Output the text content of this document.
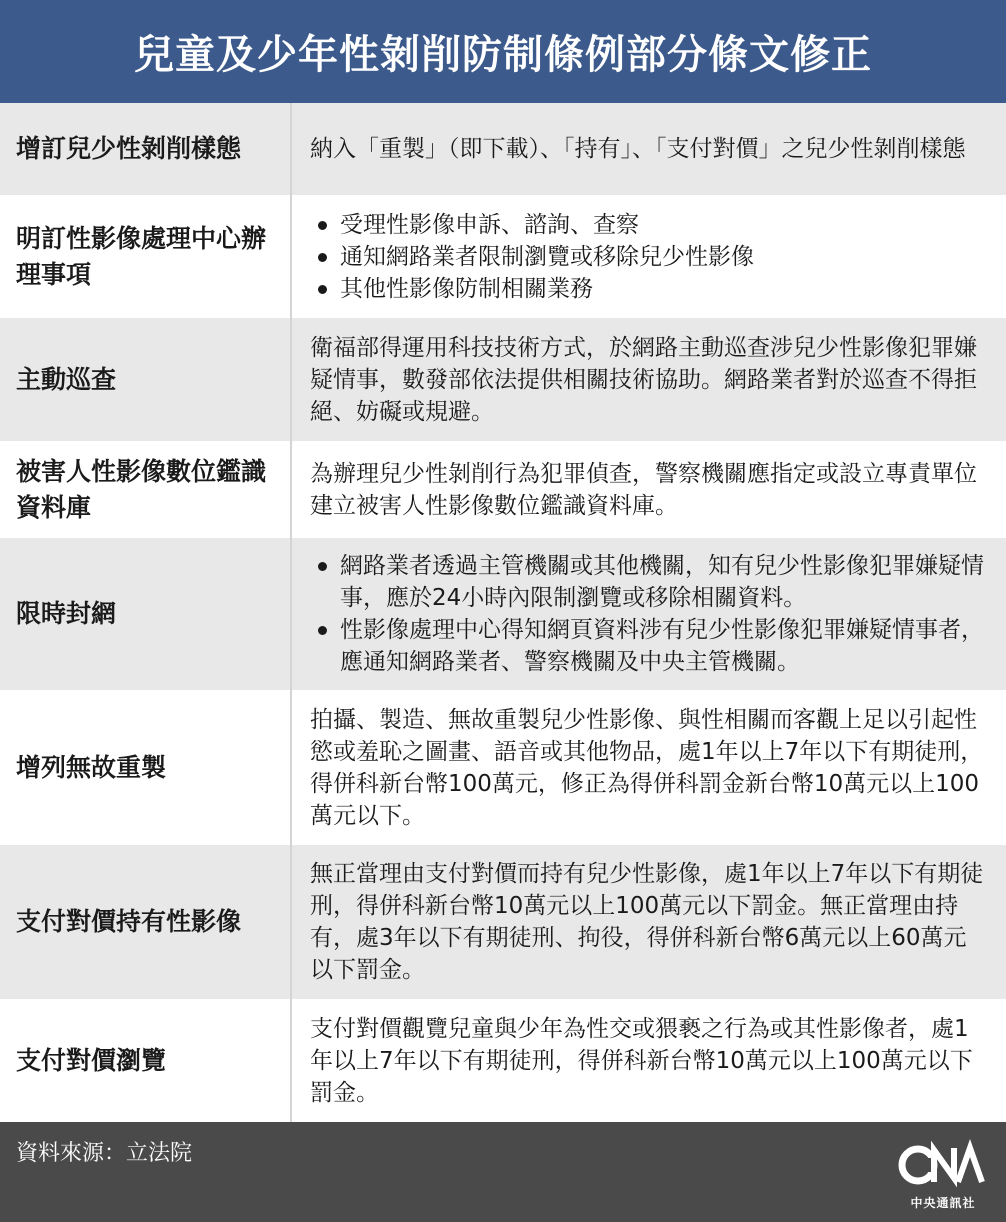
兒童及少年性剝削防制條例部分條文修正
增訂兒少性剝削樣態	納入「重製」（即下載）、「持有」、「支付對價」之兒少性剝削樣態
明訂性影像處理中心辦理事項
受理性影像申訴、諮詢、查察
通知網路業者限制瀏覽或移除兒少性影像
其他性影像防制相關業務
主動巡查
衛福部得運用科技技術方式，於網路主動巡查涉兒少性影像犯罪嫌疑情事，數發部依法提供相關技術協助。網路業者對於巡查不得拒絕、妨礙或規避。
被害人性影像數位鑑識資料庫
為辦理兒少性剝削行為犯罪偵查，警察機關應指定或設立專責單位建立被害人性影像數位鑑識資料庫。
限時封網
網路業者透過主管機關或其他機關，知有兒少性影像犯罪嫌疑情事，應於24小時內限制瀏覽或移除相關資料。
性影像處理中心得知網頁資料涉有兒少性影像犯罪嫌疑情事者，應通知網路業者、警察機關及中央主管機關。
增列無故重製
拍攝、製造、無故重製兒少性影像、與性相關而客觀上足以引起性慾或羞恥之圖畫、語音或其他物品，處1年以上7年以下有期徒刑，得併科新台幣100萬元，修正為得併科罰金新台幣10萬元以上100萬元以下。
支付對價持有性影像
無正當理由支付對價而持有兒少性影像，處1年以上7年以下有期徒刑，得併科新台幣10萬元以上100萬元以下罰金。無正當理由持有，處3年以下有期徒刑、拘役，得併科新台幣6萬元以上60萬元以下罰金。
支付對價瀏覽
支付對價觀覽兒童與少年為性交或猥褻之行為或其性影像者，處1年以上7年以下有期徒刑，得併科新台幣10萬元以上100萬元以下罰金。
資料來源：立法院
CNA
中央通訊社
